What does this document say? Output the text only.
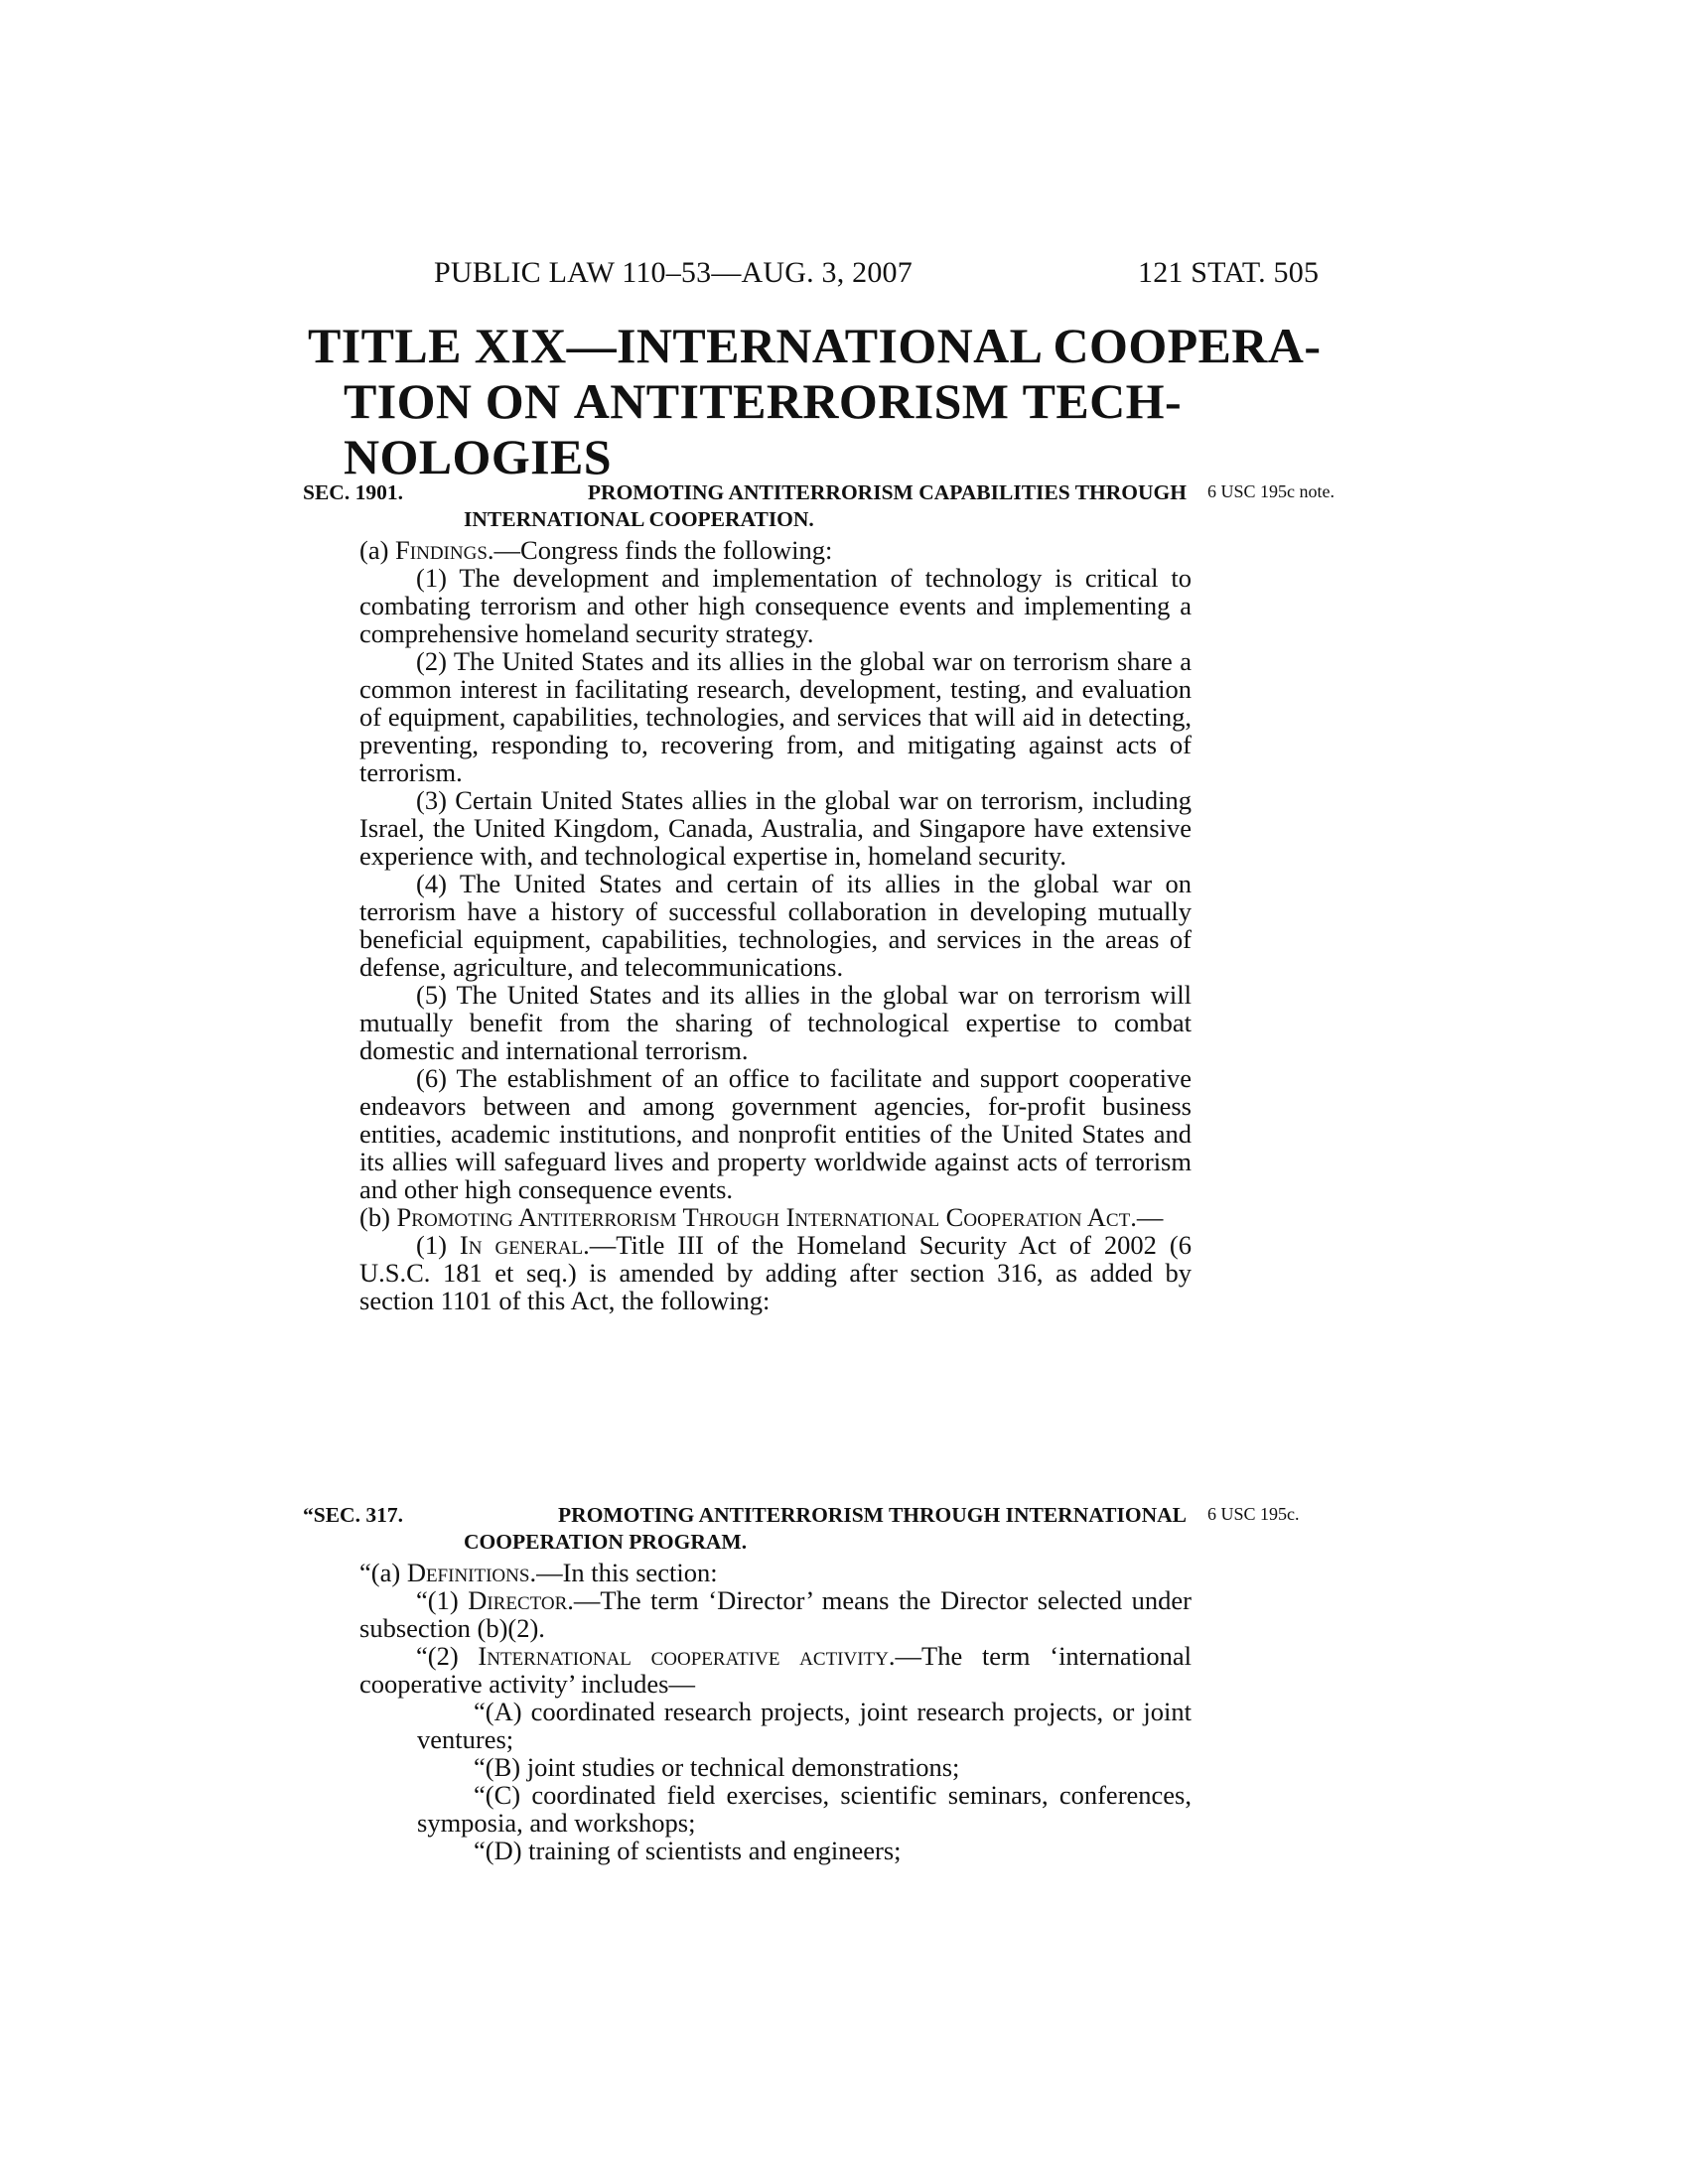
PUBLIC LAW 110–53—AUG. 3, 2007	121 STAT. 505
TITLE XIX—INTERNATIONAL COOPERA-
TION ON ANTITERRORISM TECH-
NOLOGIES
SEC. 1901.	PROMOTING ANTITERRORISM CAPABILITIES THROUGH
INTERNATIONAL COOPERATION.
6 USC 195c note.

(a) Findings.—Congress finds the following:

(1) The development and implementation of technology is critical to combating terrorism and other high consequence events and implementing a comprehensive homeland security strategy.

(2) The United States and its allies in the global war on terrorism share a common interest in facilitating research, development, testing, and evaluation of equipment, capabilities, technologies, and services that will aid in detecting, preventing, responding to, recovering from, and mitigating against acts of terrorism.

(3) Certain United States allies in the global war on terrorism, including Israel, the United Kingdom, Canada, Australia, and Singapore have extensive experience with, and technological expertise in, homeland security.

(4) The United States and certain of its allies in the global war on terrorism have a history of successful collaboration in developing mutually beneficial equipment, capabilities, technologies, and services in the areas of defense, agriculture, and telecommunications.

(5) The United States and its allies in the global war on terrorism will mutually benefit from the sharing of technological expertise to combat domestic and international terrorism.

(6) The establishment of an office to facilitate and support cooperative endeavors between and among government agencies, for-profit business entities, academic institutions, and nonprofit entities of the United States and its allies will safeguard lives and property worldwide against acts of terrorism and other high consequence events.

(b) Promoting Antiterrorism Through International Cooperation Act.—

(1) In general.—Title III of the Homeland Security Act of 2002 (6 U.S.C. 181 et seq.) is amended by adding after section 316, as added by section 1101 of this Act, the following:

“SEC. 317.	PROMOTING ANTITERRORISM THROUGH INTERNATIONAL
COOPERATION PROGRAM.
6 USC 195c.

“(a) Definitions.—In this section:

“(1) Director.—The term ‘Director’ means the Director selected under subsection (b)(2).

“(2) International cooperative activity.—The term ‘international cooperative activity’ includes—

“(A) coordinated research projects, joint research projects, or joint ventures;

“(B) joint studies or technical demonstrations;

“(C) coordinated field exercises, scientific seminars, conferences, symposia, and workshops;

“(D) training of scientists and engineers;
